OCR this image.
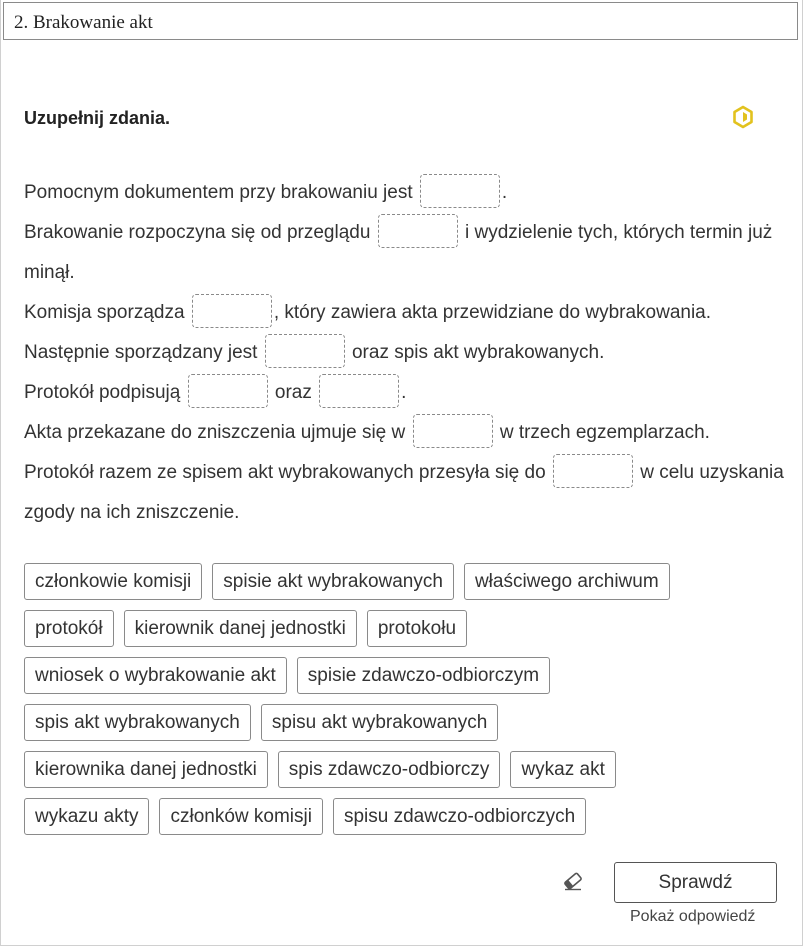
2. Brakowanie akt
Uzupełnij zdania.
Pomocnym dokumentem przy brakowaniu jest	.
Brakowanie rozpoczyna się od przeglądu	i wydzielenie tych, których termin już minął.
Komisja sporządza	, który zawiera akta przewidziane do wybrakowania.
Następnie sporządzany jest	oraz spis akt wybrakowanych.
Protokół podpisują	oraz	.
Akta przekazane do zniszczenia ujmuje się w	w trzech egzemplarzach.
Protokół razem ze spisem akt wybrakowanych przesyła się do	w celu uzyskania zgody na ich zniszczenie.
członkowie komisji	spisie akt wybrakowanych	właściwego archiwum
protokół	kierownik danej jednostki	protokołu
wniosek o wybrakowanie akt	spisie zdawczo-odbiorczym
spis akt wybrakowanych	spisu akt wybrakowanych
kierownika danej jednostki	spis zdawczo-odbiorczy	wykaz akt
wykazu akty	członków komisji	spisu zdawczo-odbiorczych
Sprawdź
Pokaż odpowiedź
